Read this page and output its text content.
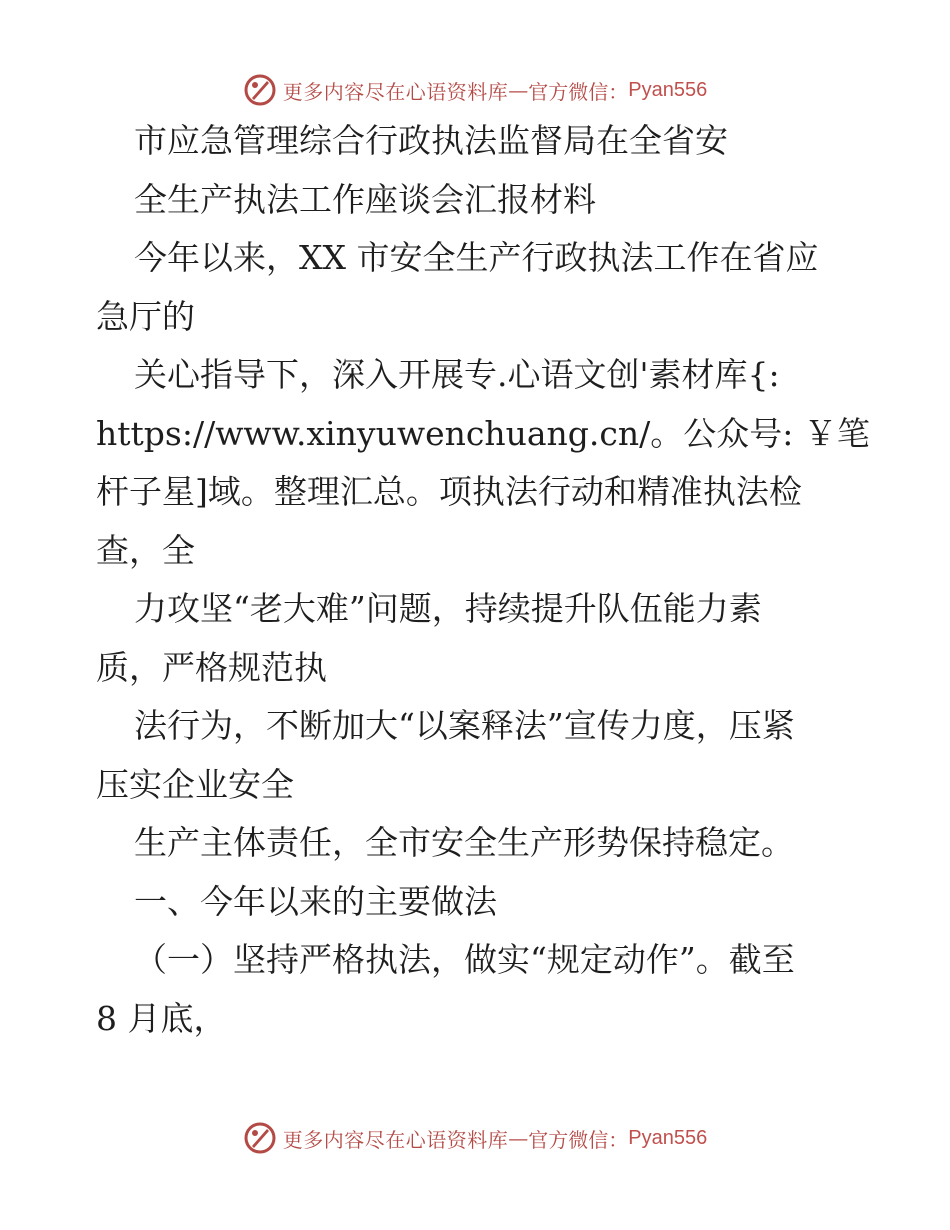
更多内容尽在心语资料库 — 官方微信： Pyan556
市应急管理综合行政执法监督局在全省安
全生产执法工作座谈会汇报材料
今年以来，XX 市安全生产行政执法工作在省应
急厅的
关心指导下，深入开展专.心语文创'素材库{:
https://www.xinyuwenchuang.cn/。公众号: ￥笔
杆子星]域。整理汇总。项执法行动和精准执法检
查，全
力攻坚“老大难”问题，持续提升队伍能力素
质，严格规范执
法行为，不断加大“以案释法”宣传力度，压紧
压实企业安全
生产主体责任，全市安全生产形势保持稳定。
一、今年以来的主要做法
（一）坚持严格执法，做实“规定动作”。截至
8 月底，
更多内容尽在心语资料库 — 官方微信： Pyan556
